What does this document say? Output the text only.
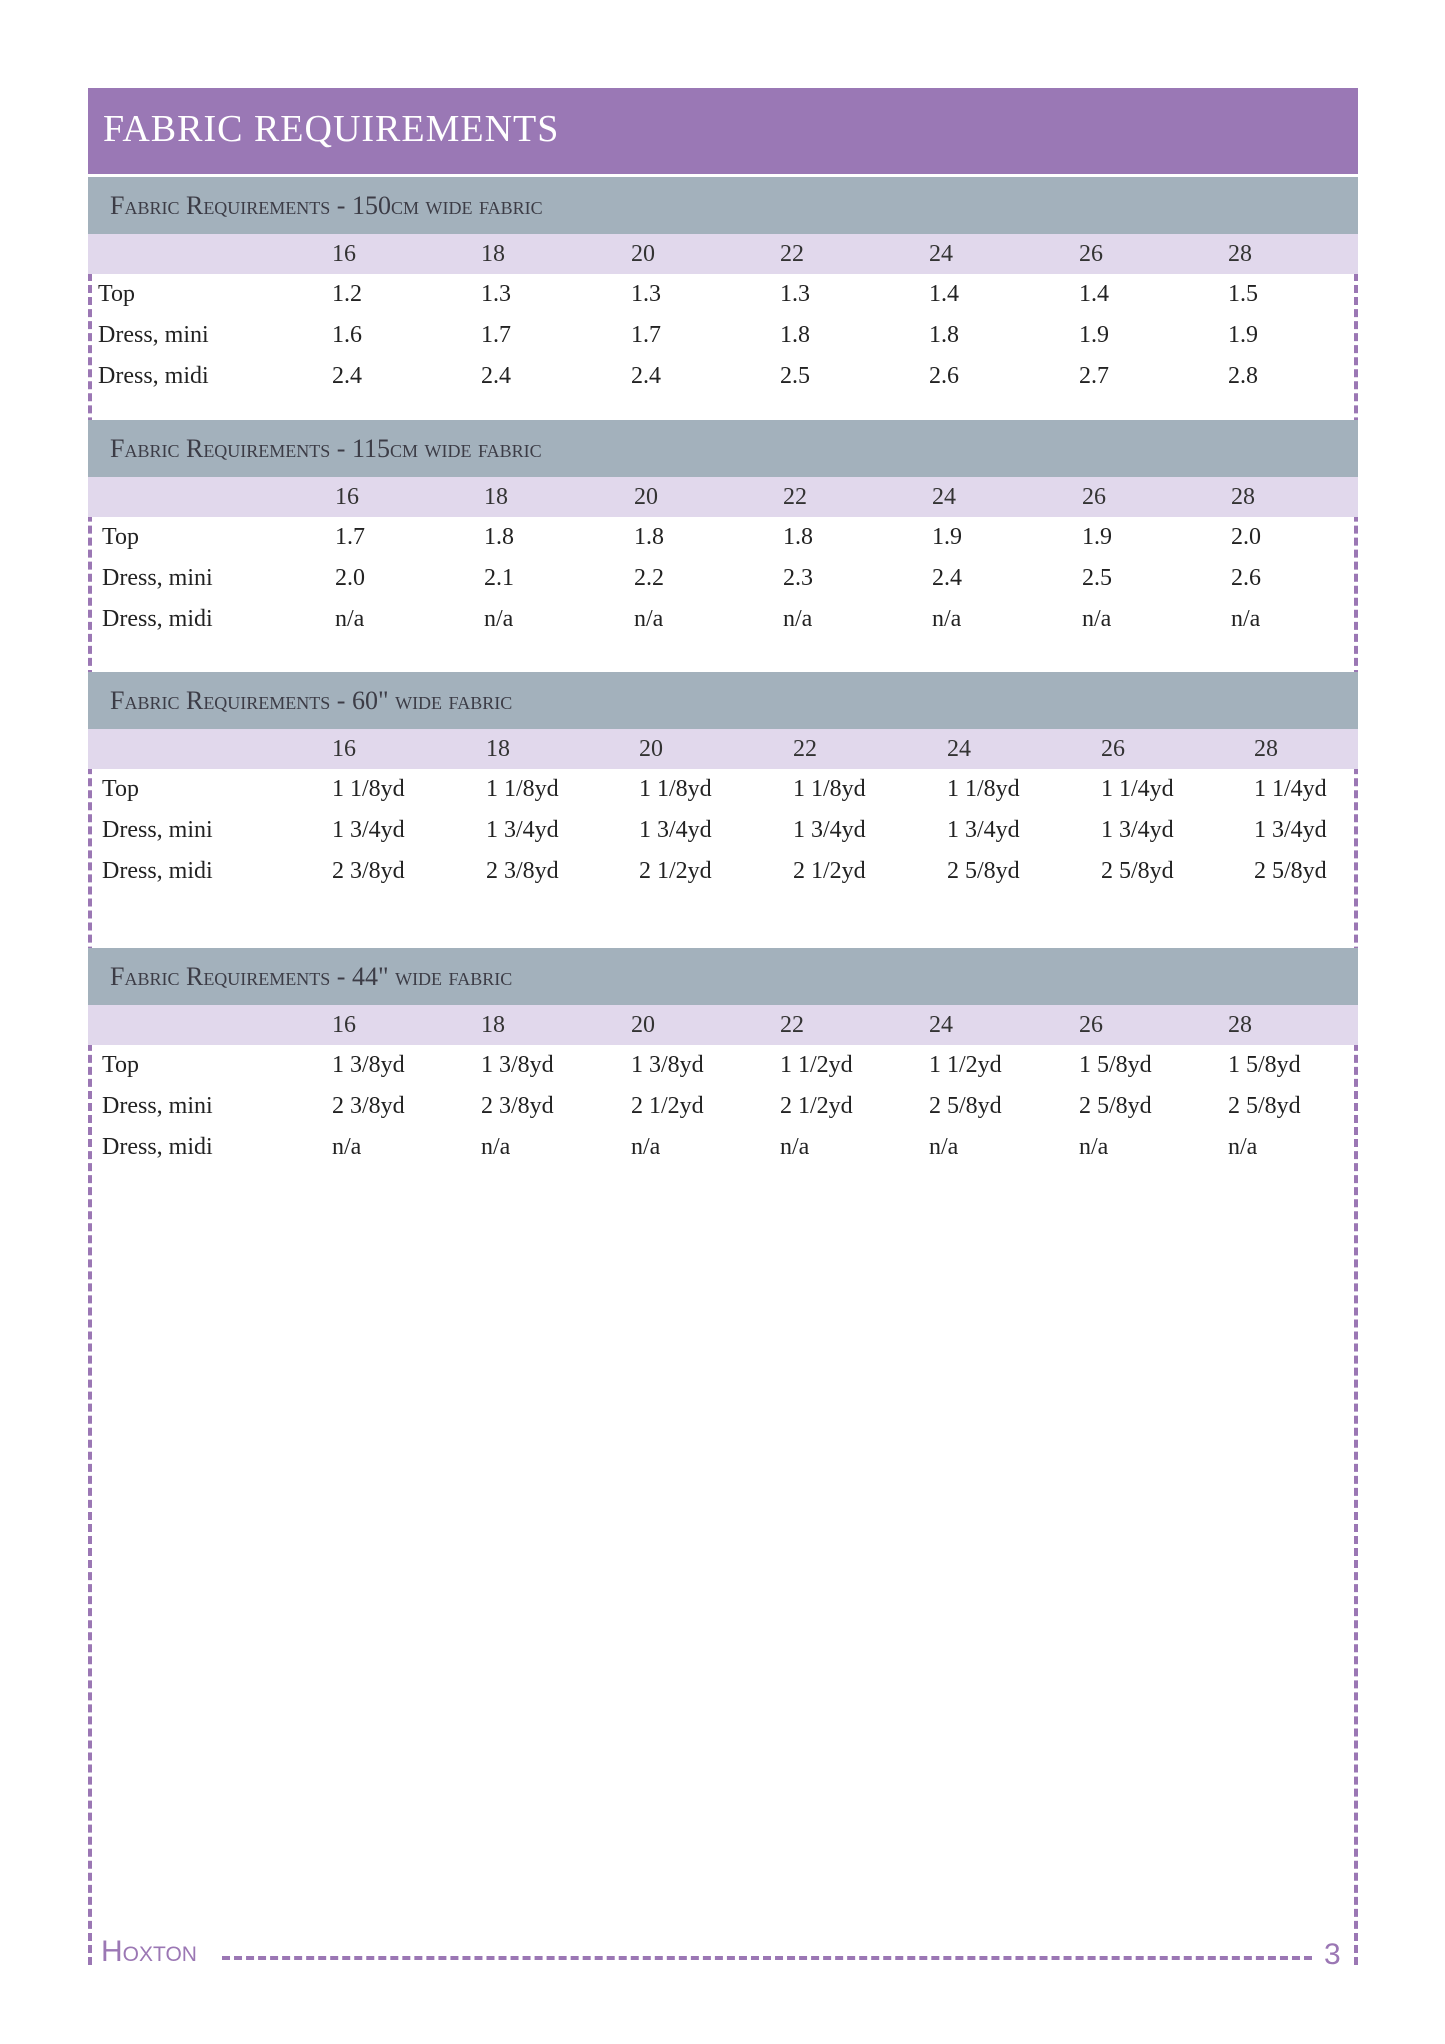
FABRIC REQUIREMENTS
Fabric Requirements - 150cm wide fabric
16	18	20	22	24	26	28
Top	1.2	1.3	1.3	1.3	1.4	1.4	1.5
Dress, mini	1.6	1.7	1.7	1.8	1.8	1.9	1.9
Dress, midi	2.4	2.4	2.4	2.5	2.6	2.7	2.8
Fabric Requirements - 115cm wide fabric
16	18	20	22	24	26	28
Top	1.7	1.8	1.8	1.8	1.9	1.9	2.0
Dress, mini	2.0	2.1	2.2	2.3	2.4	2.5	2.6
Dress, midi	n/a	n/a	n/a	n/a	n/a	n/a	n/a
Fabric Requirements - 60" wide fabric
16	18	20	22	24	26	28
Top	1 1/8yd	1 1/8yd	1 1/8yd	1 1/8yd	1 1/8yd	1 1/4yd	1 1/4yd
Dress, mini	1 3/4yd	1 3/4yd	1 3/4yd	1 3/4yd	1 3/4yd	1 3/4yd	1 3/4yd
Dress, midi	2 3/8yd	2 3/8yd	2 1/2yd	2 1/2yd	2 5/8yd	2 5/8yd	2 5/8yd
Fabric Requirements - 44" wide fabric
16	18	20	22	24	26	28
Top	1 3/8yd	1 3/8yd	1 3/8yd	1 1/2yd	1 1/2yd	1 5/8yd	1 5/8yd
Dress, mini	2 3/8yd	2 3/8yd	2 1/2yd	2 1/2yd	2 5/8yd	2 5/8yd	2 5/8yd
Dress, midi	n/a	n/a	n/a	n/a	n/a	n/a	n/a
Hoxton	3
